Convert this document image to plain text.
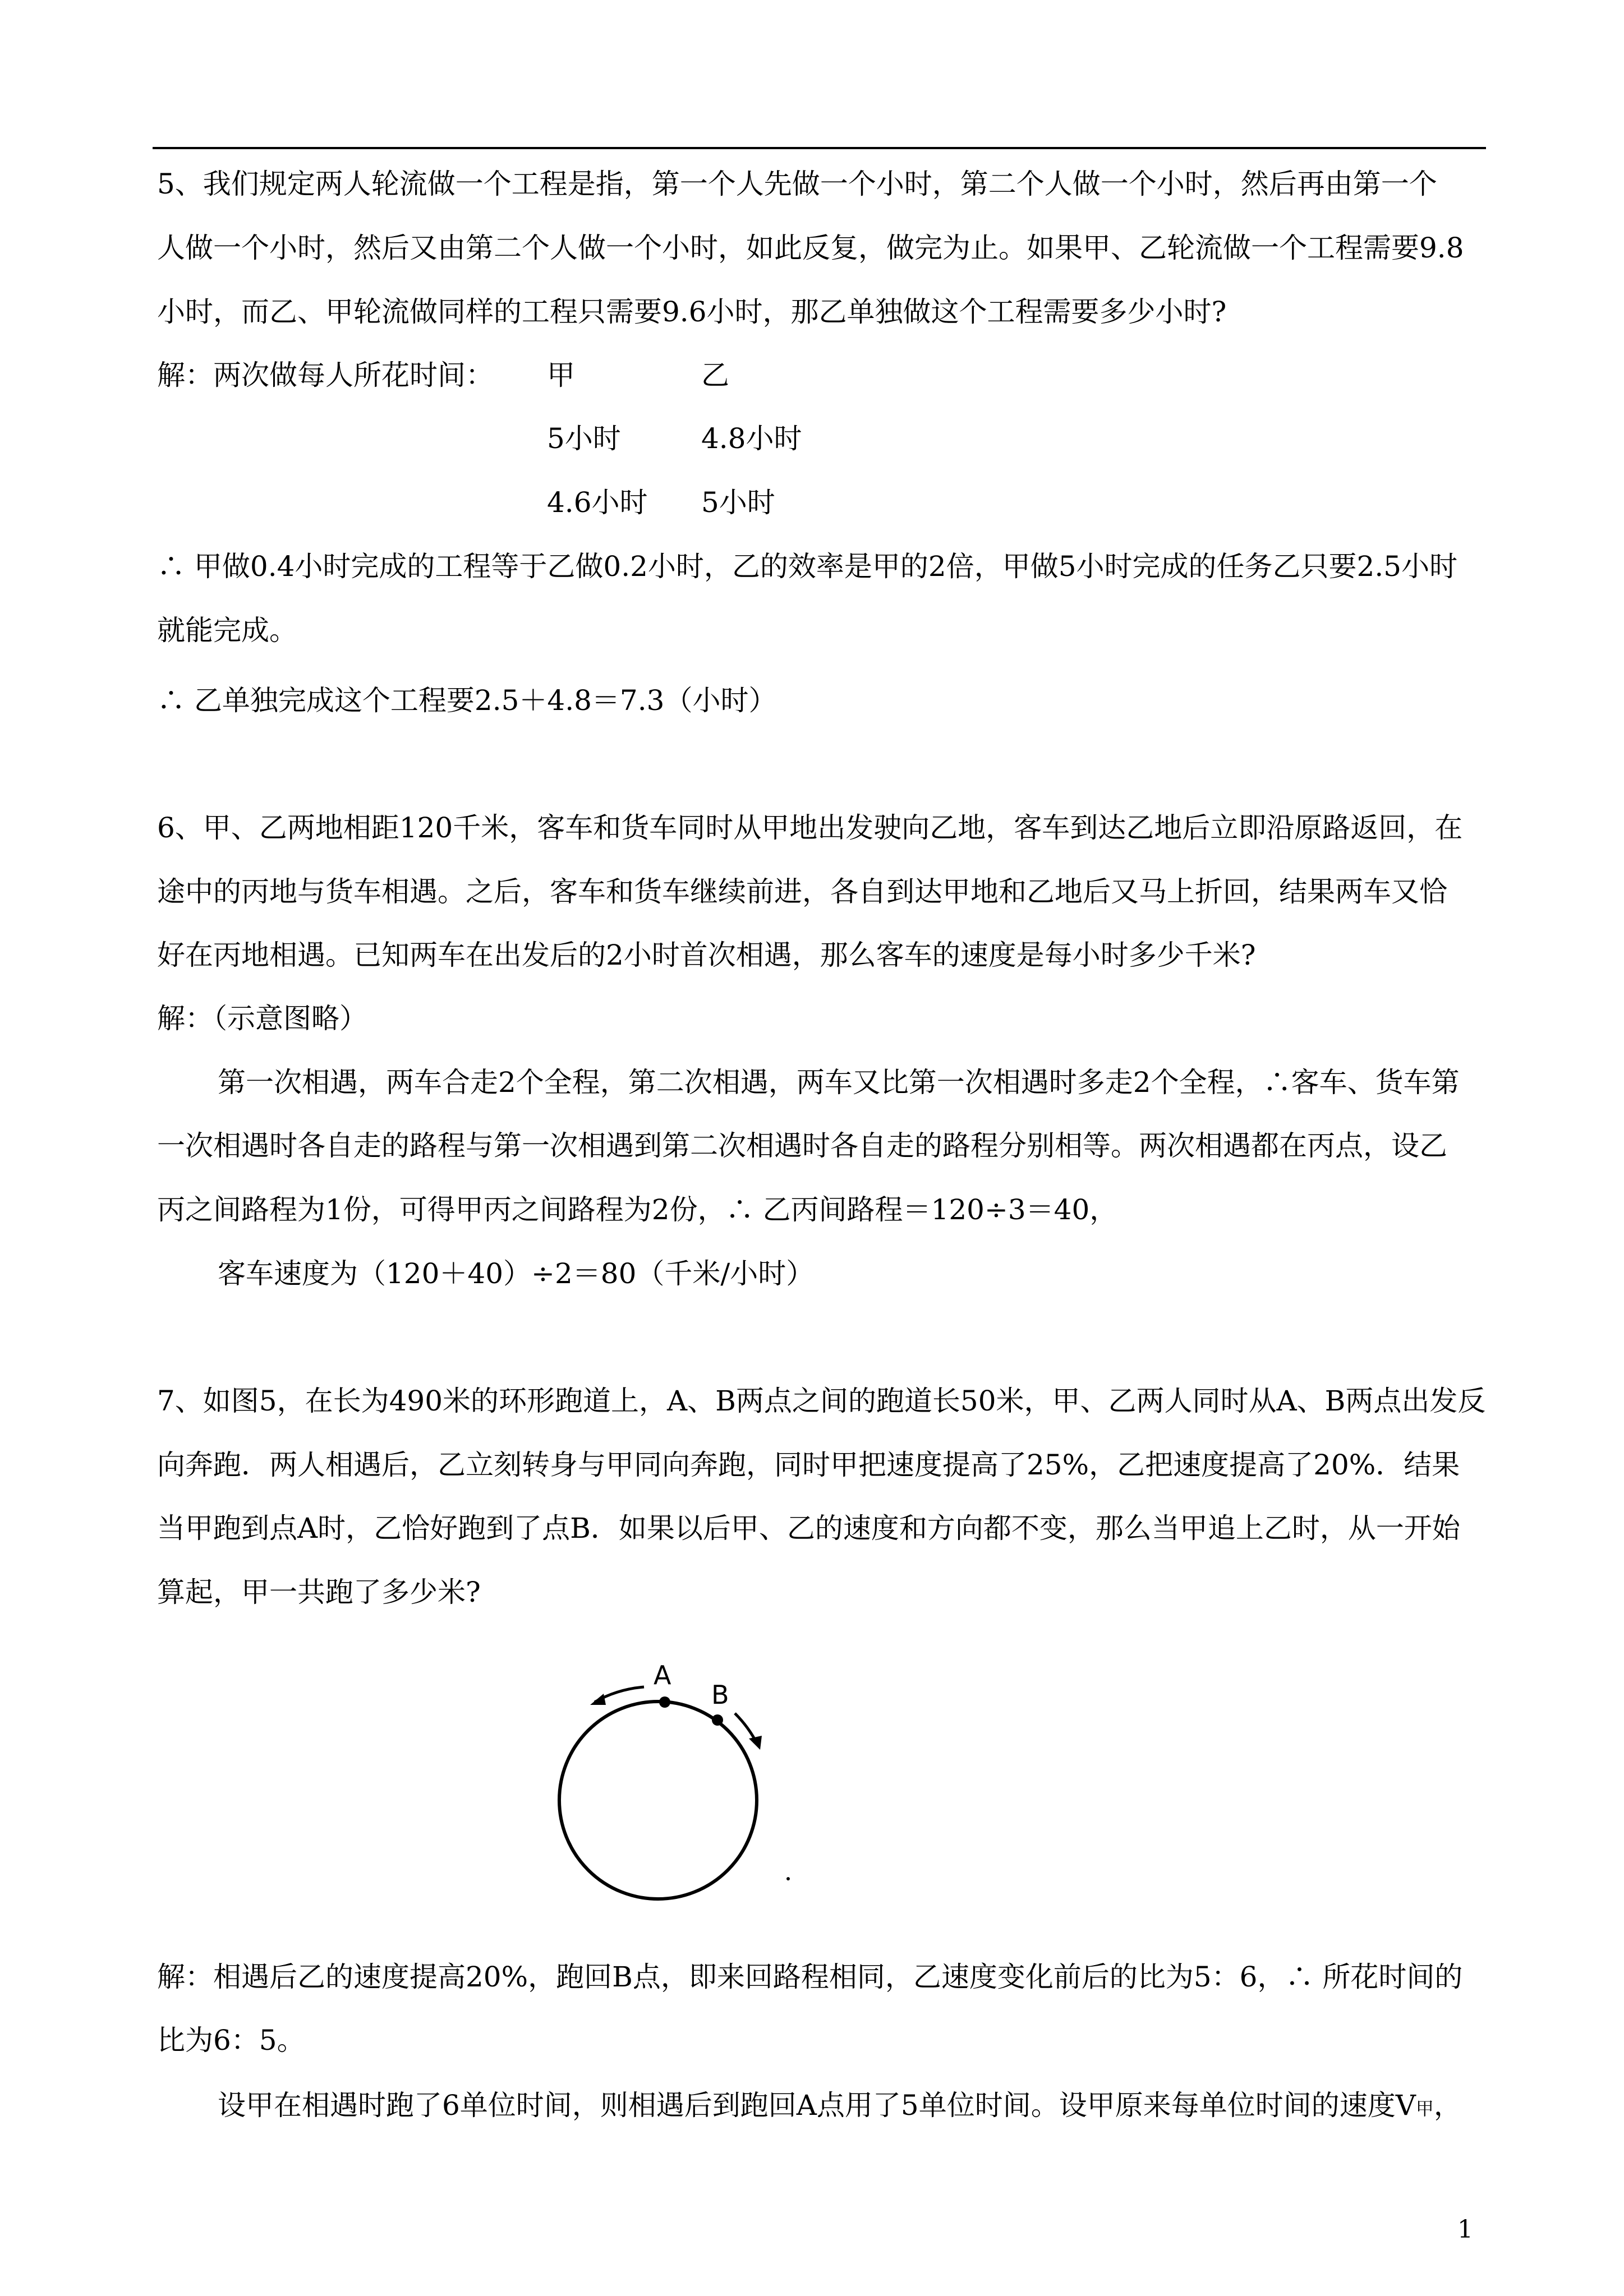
5、我们规定两人轮流做一个工程是指，第一个人先做一个小时，第二个人做一个小时，然后再由第一个
人做一个小时，然后又由第二个人做一个小时，如此反复，做完为止。如果甲、乙轮流做一个工程需要9.8
小时，而乙、甲轮流做同样的工程只需要9.6小时，那乙单独做这个工程需要多少小时?
解：两次做每人所花时间： 甲	乙
5小时	4.8小时
4.6小时 5小时
∴ 甲做0.4小时完成的工程等于乙做0.2小时，乙的效率是甲的2倍，甲做5小时完成的任务乙只要2.5小时
就能完成。
∴ 乙单独完成这个工程要2.5＋4.8＝7.3（小时）
6、甲、乙两地相距120千米，客车和货车同时从甲地出发驶向乙地，客车到达乙地后立即沿原路返回，在
途中的丙地与货车相遇。之后，客车和货车继续前进，各自到达甲地和乙地后又马上折回，结果两车又恰
好在丙地相遇。已知两车在出发后的2小时首次相遇，那么客车的速度是每小时多少千米?
解：（示意图略）
第一次相遇，两车合走2个全程，第二次相遇，两车又比第一次相遇时多走2个全程，∴客车、货车第
一次相遇时各自走的路程与第一次相遇到第二次相遇时各自走的路程分别相等。两次相遇都在丙点，设乙
丙之间路程为1份，可得甲丙之间路程为2份，∴ 乙丙间路程＝120÷3＝40，
客车速度为（120＋40）÷2＝80（千米/小时）
7、如图5，在长为490米的环形跑道上，A、B两点之间的跑道长50米，甲、乙两人同时从A、B两点出发反
向奔跑．两人相遇后，乙立刻转身与甲同向奔跑，同时甲把速度提高了25%，乙把速度提高了20%．结果
当甲跑到点A时，乙恰好跑到了点B．如果以后甲、乙的速度和方向都不变，那么当甲追上乙时，从一开始
算起，甲一共跑了多少米?
A
B
解：相遇后乙的速度提高20%，跑回B点，即来回路程相同，乙速度变化前后的比为5：6，∴ 所花时间的
比为6：5。
设甲在相遇时跑了6单位时间，则相遇后到跑回A点用了5单位时间。设甲原来每单位时间的速度V甲，
1
